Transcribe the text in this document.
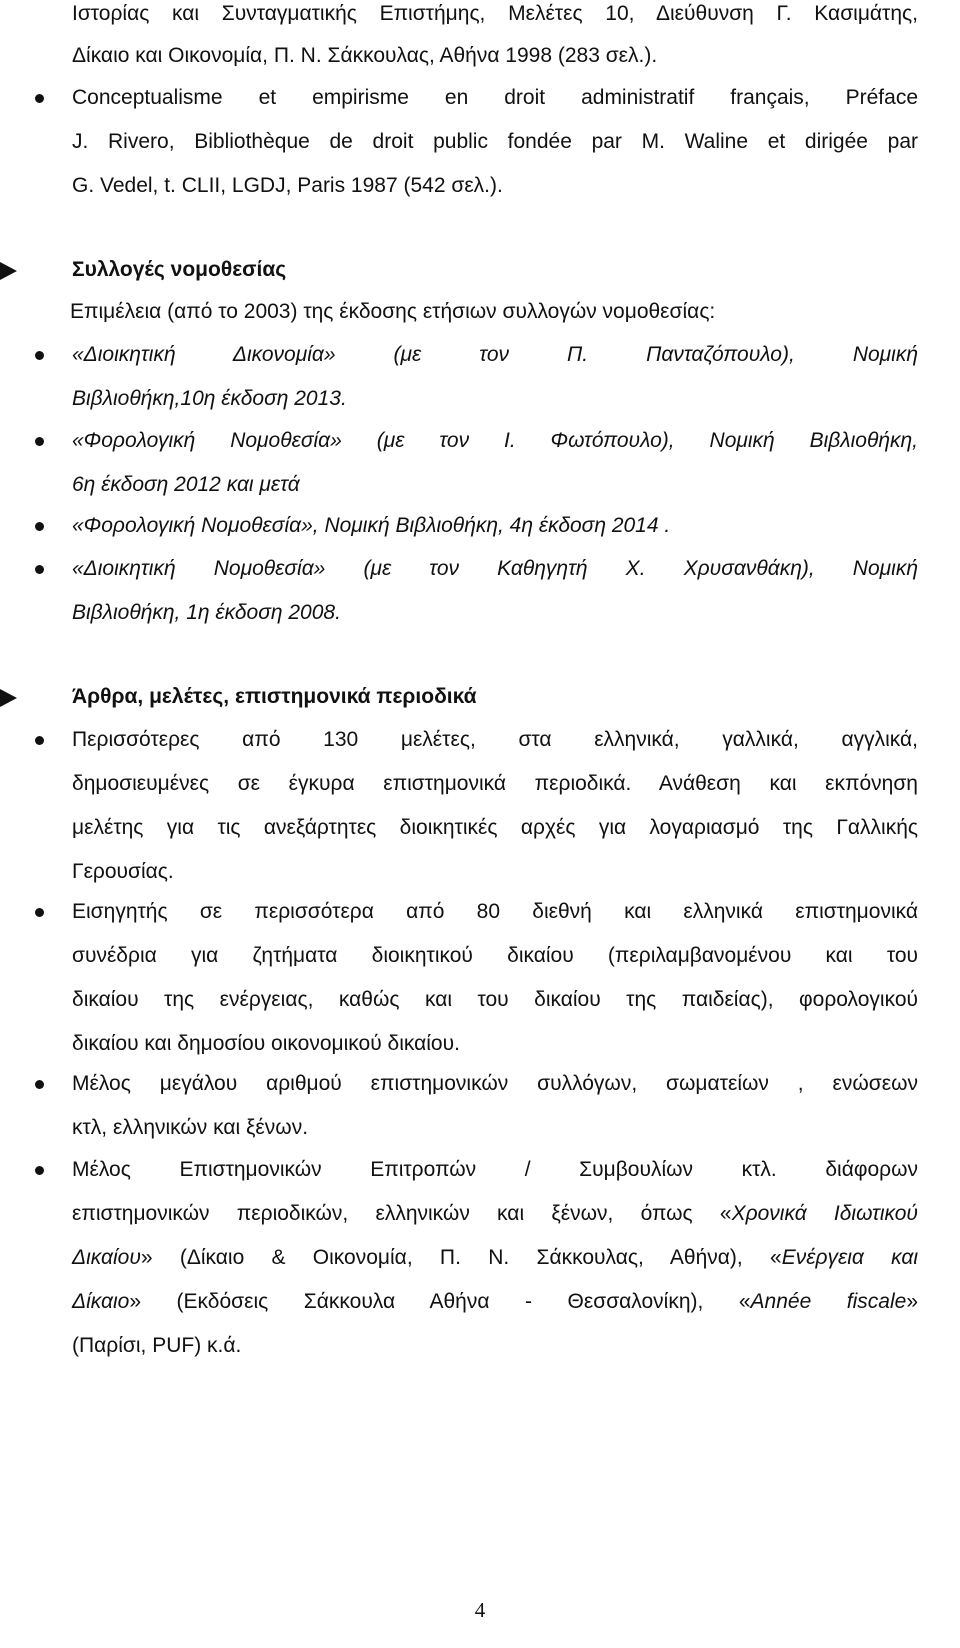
Ιστορίας και Συνταγματικής Επιστήμης, Μελέτες 10, Διεύθυνση Γ. Κασιμάτης,
Δίκαιο και Οικονομία, Π. Ν. Σάκκουλας, Αθήνα 1998 (283 σελ.).
Conceptualisme et empirisme en droit administratif français, Préface
J. Rivero, Bibliothèque de droit public fondée par M. Waline et dirigée par
G. Vedel, t. CLII, LGDJ, Paris 1987 (542 σελ.).
Συλλογές νομοθεσίας
Επιμέλεια (από το 2003) της έκδοσης ετήσιων συλλογών νομοθεσίας:
«Διοικητική Δικονομία» (με τον Π. Πανταζόπουλο), Νομική
Βιβλιοθήκη,10η έκδοση 2013.
«Φορολογική Νομοθεσία» (με τον Ι. Φωτόπουλο), Νομική Βιβλιοθήκη,
6η έκδοση 2012 και μετά
«Φορολογική Νομοθεσία», Νομική Βιβλιοθήκη, 4η έκδοση 2014 .
«Διοικητική Νομοθεσία» (με τον Καθηγητή Χ. Χρυσανθάκη), Νομική
Βιβλιοθήκη, 1η έκδοση 2008.
Άρθρα, μελέτες, επιστημονικά περιοδικά
Περισσότερες από 130 μελέτες, στα ελληνικά, γαλλικά, αγγλικά,
δημοσιευμένες σε έγκυρα επιστημονικά περιοδικά. Ανάθεση και εκπόνηση
μελέτης για τις ανεξάρτητες διοικητικές αρχές για λογαριασμό της Γαλλικής
Γερουσίας.
Εισηγητής σε περισσότερα από 80 διεθνή και ελληνικά επιστημονικά
συνέδρια για ζητήματα διοικητικού δικαίου (περιλαμβανομένου και του
δικαίου της ενέργειας, καθώς και του δικαίου της παιδείας), φορολογικού
δικαίου και δημοσίου οικονομικού δικαίου.
Μέλος μεγάλου αριθμού επιστημονικών συλλόγων, σωματείων , ενώσεων
κτλ, ελληνικών και ξένων.
Μέλος Επιστημονικών Επιτροπών / Συμβουλίων κτλ. διάφορων
επιστημονικών περιοδικών, ελληνικών και ξένων, όπως «Χρονικά Ιδιωτικού
Δικαίου» (Δίκαιο & Οικονομία, Π. Ν. Σάκκουλας, Αθήνα), «Ενέργεια και
Δίκαιο» (Εκδόσεις Σάκκουλα Αθήνα - Θεσσαλονίκη), «Année fiscale»
(Παρίσι, PUF) κ.ά.
4
